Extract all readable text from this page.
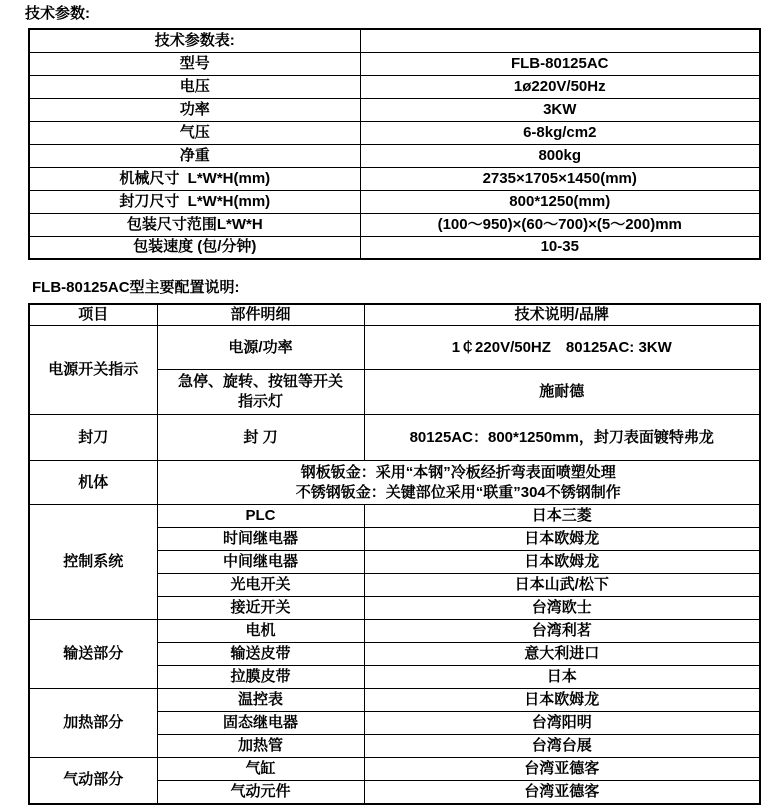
技术参数:
技术参数表:	
型号	FLB-80125AC
电压	1ø220V/50Hz
功率	3KW
气压	6-8kg/cm2
净重	800kg
机械尺寸  L*W*H(mm)	2735×1705×1450(mm)
封刀尺寸  L*W*H(mm)	800*1250(mm)
包装尺寸范围L*W*H	(100～950)×(60～700)×(5～200)mm
包装速度 (包/分钟)	10-35
FLB-80125AC型主要配置说明:
项目	部件明细	技术说明/品牌
电源开关指示	电源/功率	1￠220V/50HZ　80125AC: 3KW

	急停、旋转、按钮等开关
指示灯	施耐德
封刀	封 刀	80125AC：800*1250mm，封刀表面镀特弗龙
机体	钢板钣金：采用“本钢”冷板经折弯表面喷塑处理
不锈钢钣金：关键部位采用“联重”304不锈钢制作	

控制系统	PLC	日本三菱
	时间继电器	日本欧姆龙
	中间继电器	日本欧姆龙
	光电开关	日本山武/松下
	接近开关	台湾欧士
输送部分	电机	台湾利茗
	输送皮带	意大利进口
	拉膜皮带	日本
加热部分	温控表	日本欧姆龙
	固态继电器	台湾阳明
	加热管	台湾台展
气动部分	气缸	台湾亚德客
	气动元件	台湾亚德客
